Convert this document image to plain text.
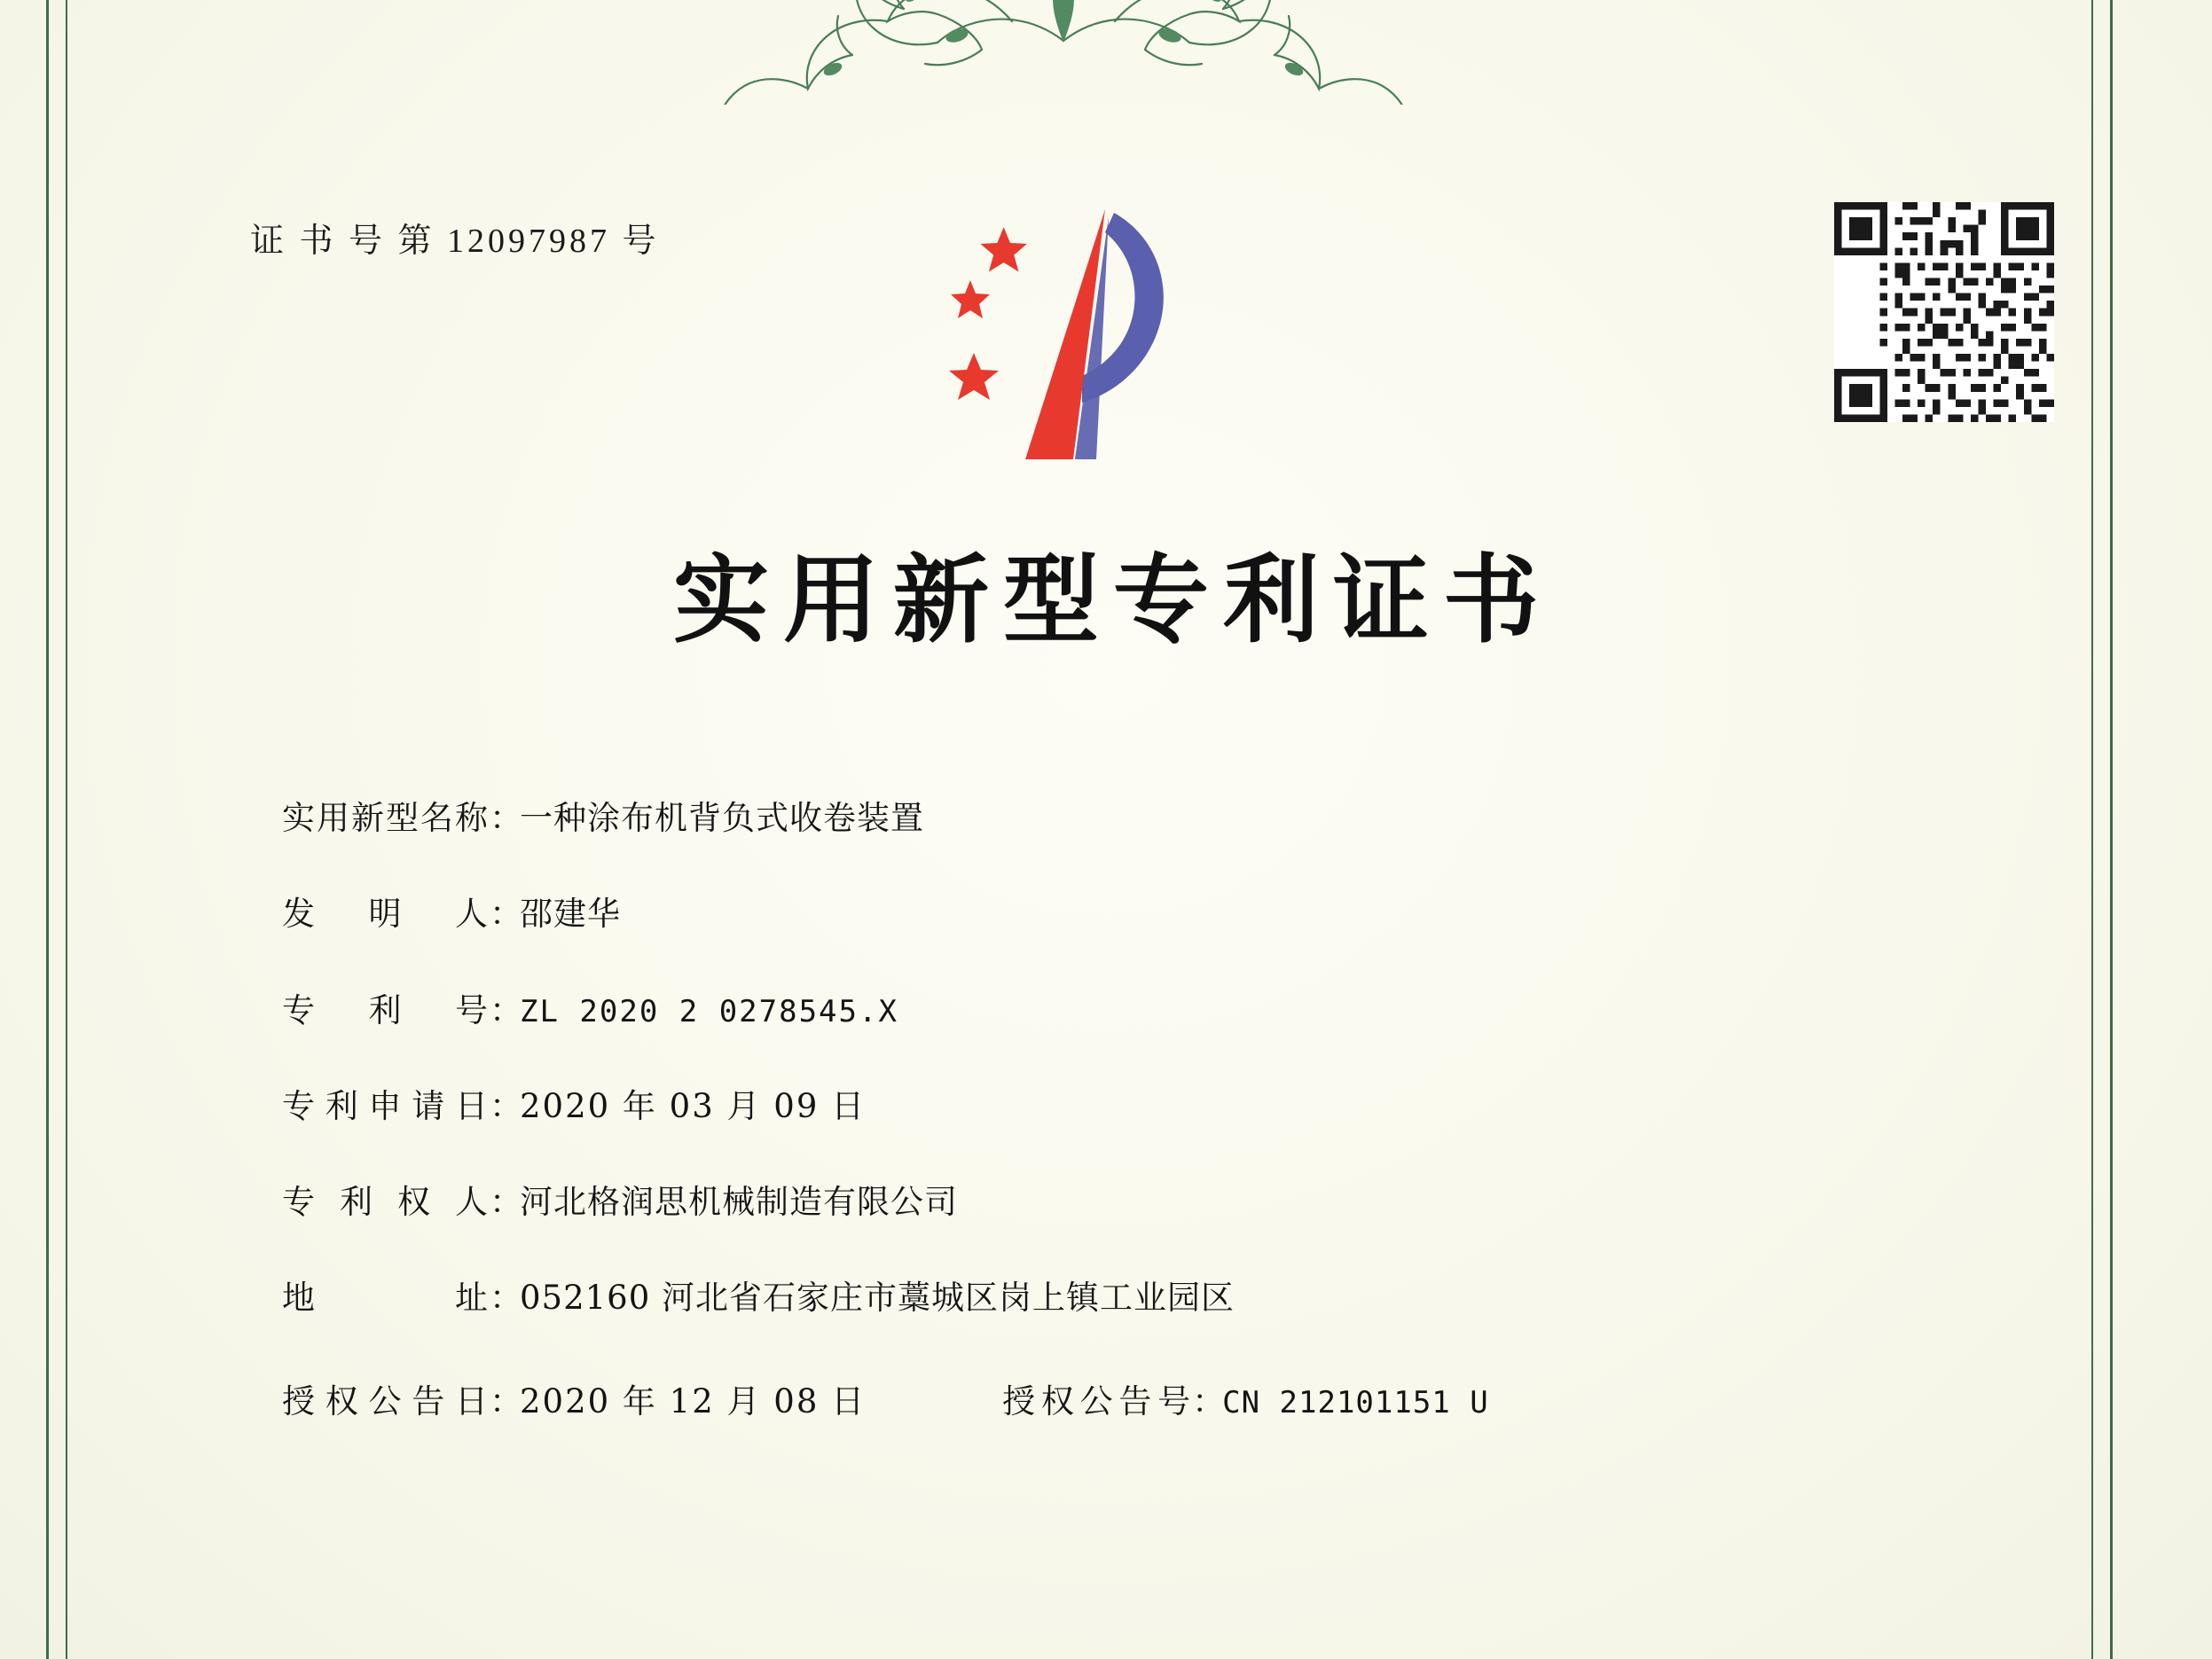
证 书 号 第 12097987 号
实用新型专利证书
实用新型名称：
一种涂布机背负式收卷装置
发明人：
邵建华
专利号：
ZL 2020 2 0278545.X
专利申请日：
2020 年 03 月 09 日
专利权人：
河北格润思机械制造有限公司
地址：
052160 河北省石家庄市藁城区岗上镇工业园区
授权公告日：
2020 年 12 月 08 日	授权公告号：
CN 212101151 U
